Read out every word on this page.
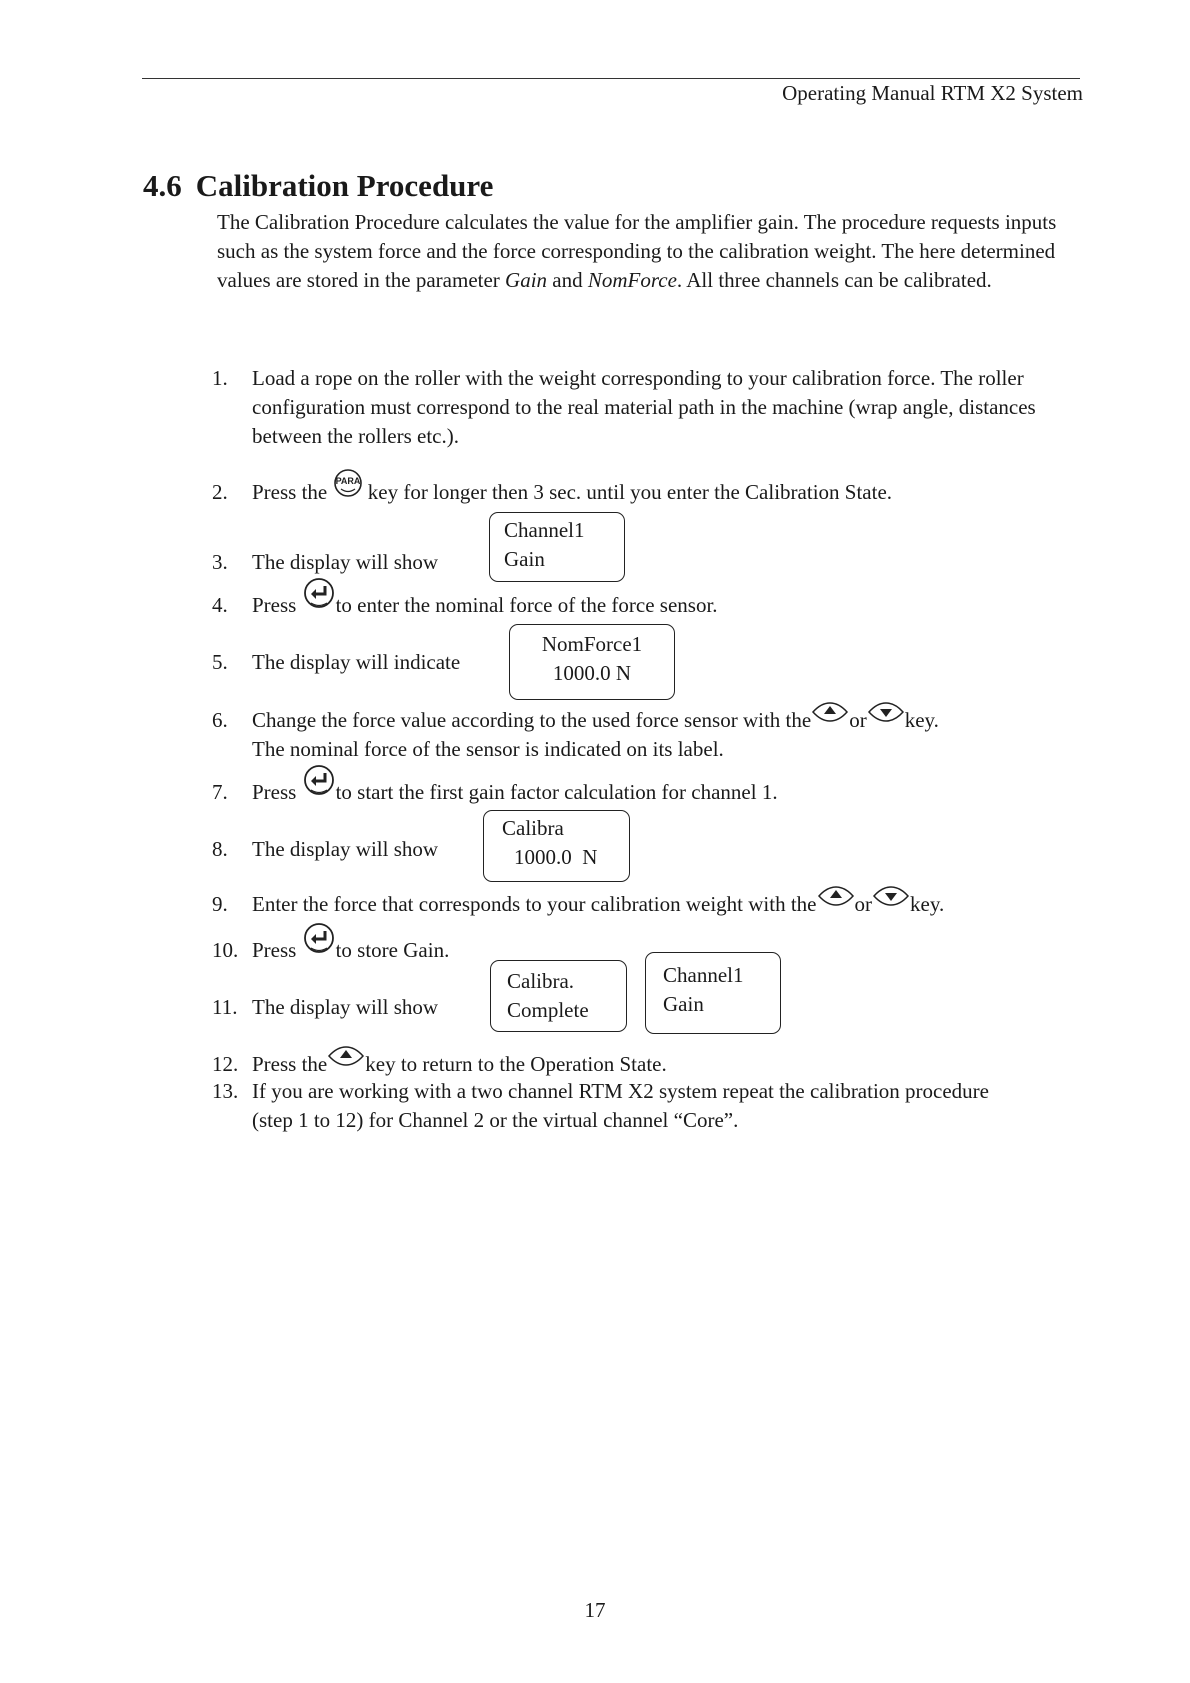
Operating Manual RTM X2 System
4.6 Calibration Procedure
The Calibration Procedure calculates the value for the amplifier gain. The procedure requests inputs such as the system force and the force corresponding to the calibration weight. The here determined values are stored in the parameter Gain and NomForce. All three channels can be calibrated.
1.	Load a rope on the roller with the weight corresponding to your calibration force. The roller configuration must correspond to the real material path in the machine (wrap angle, distances between the rollers etc.).
2.	Press the PARA key for longer then 3 sec. until you enter the Calibration State.
3.	The display will show
Channel1
Gain
4.	Press to enter the nominal force of the force sensor.
5.	The display will indicate
NomForce1
1000.0 N
6.	Change the force value according to the used force sensor with the or key.
The nominal force of the sensor is indicated on its label.
7.	Press to start the first gain factor calculation for channel 1.
8.	The display will show
Calibra
1000.0  N
9.	Enter the force that corresponds to your calibration weight with the or key.
10. Press to store Gain.
11. The display will show
Calibra.
Complete
Channel1
Gain
12. Press the key to return to the Operation State.
13. If you are working with a two channel RTM X2 system repeat the calibration procedure (step 1 to 12) for Channel 2 or the virtual channel “Core”.
17
